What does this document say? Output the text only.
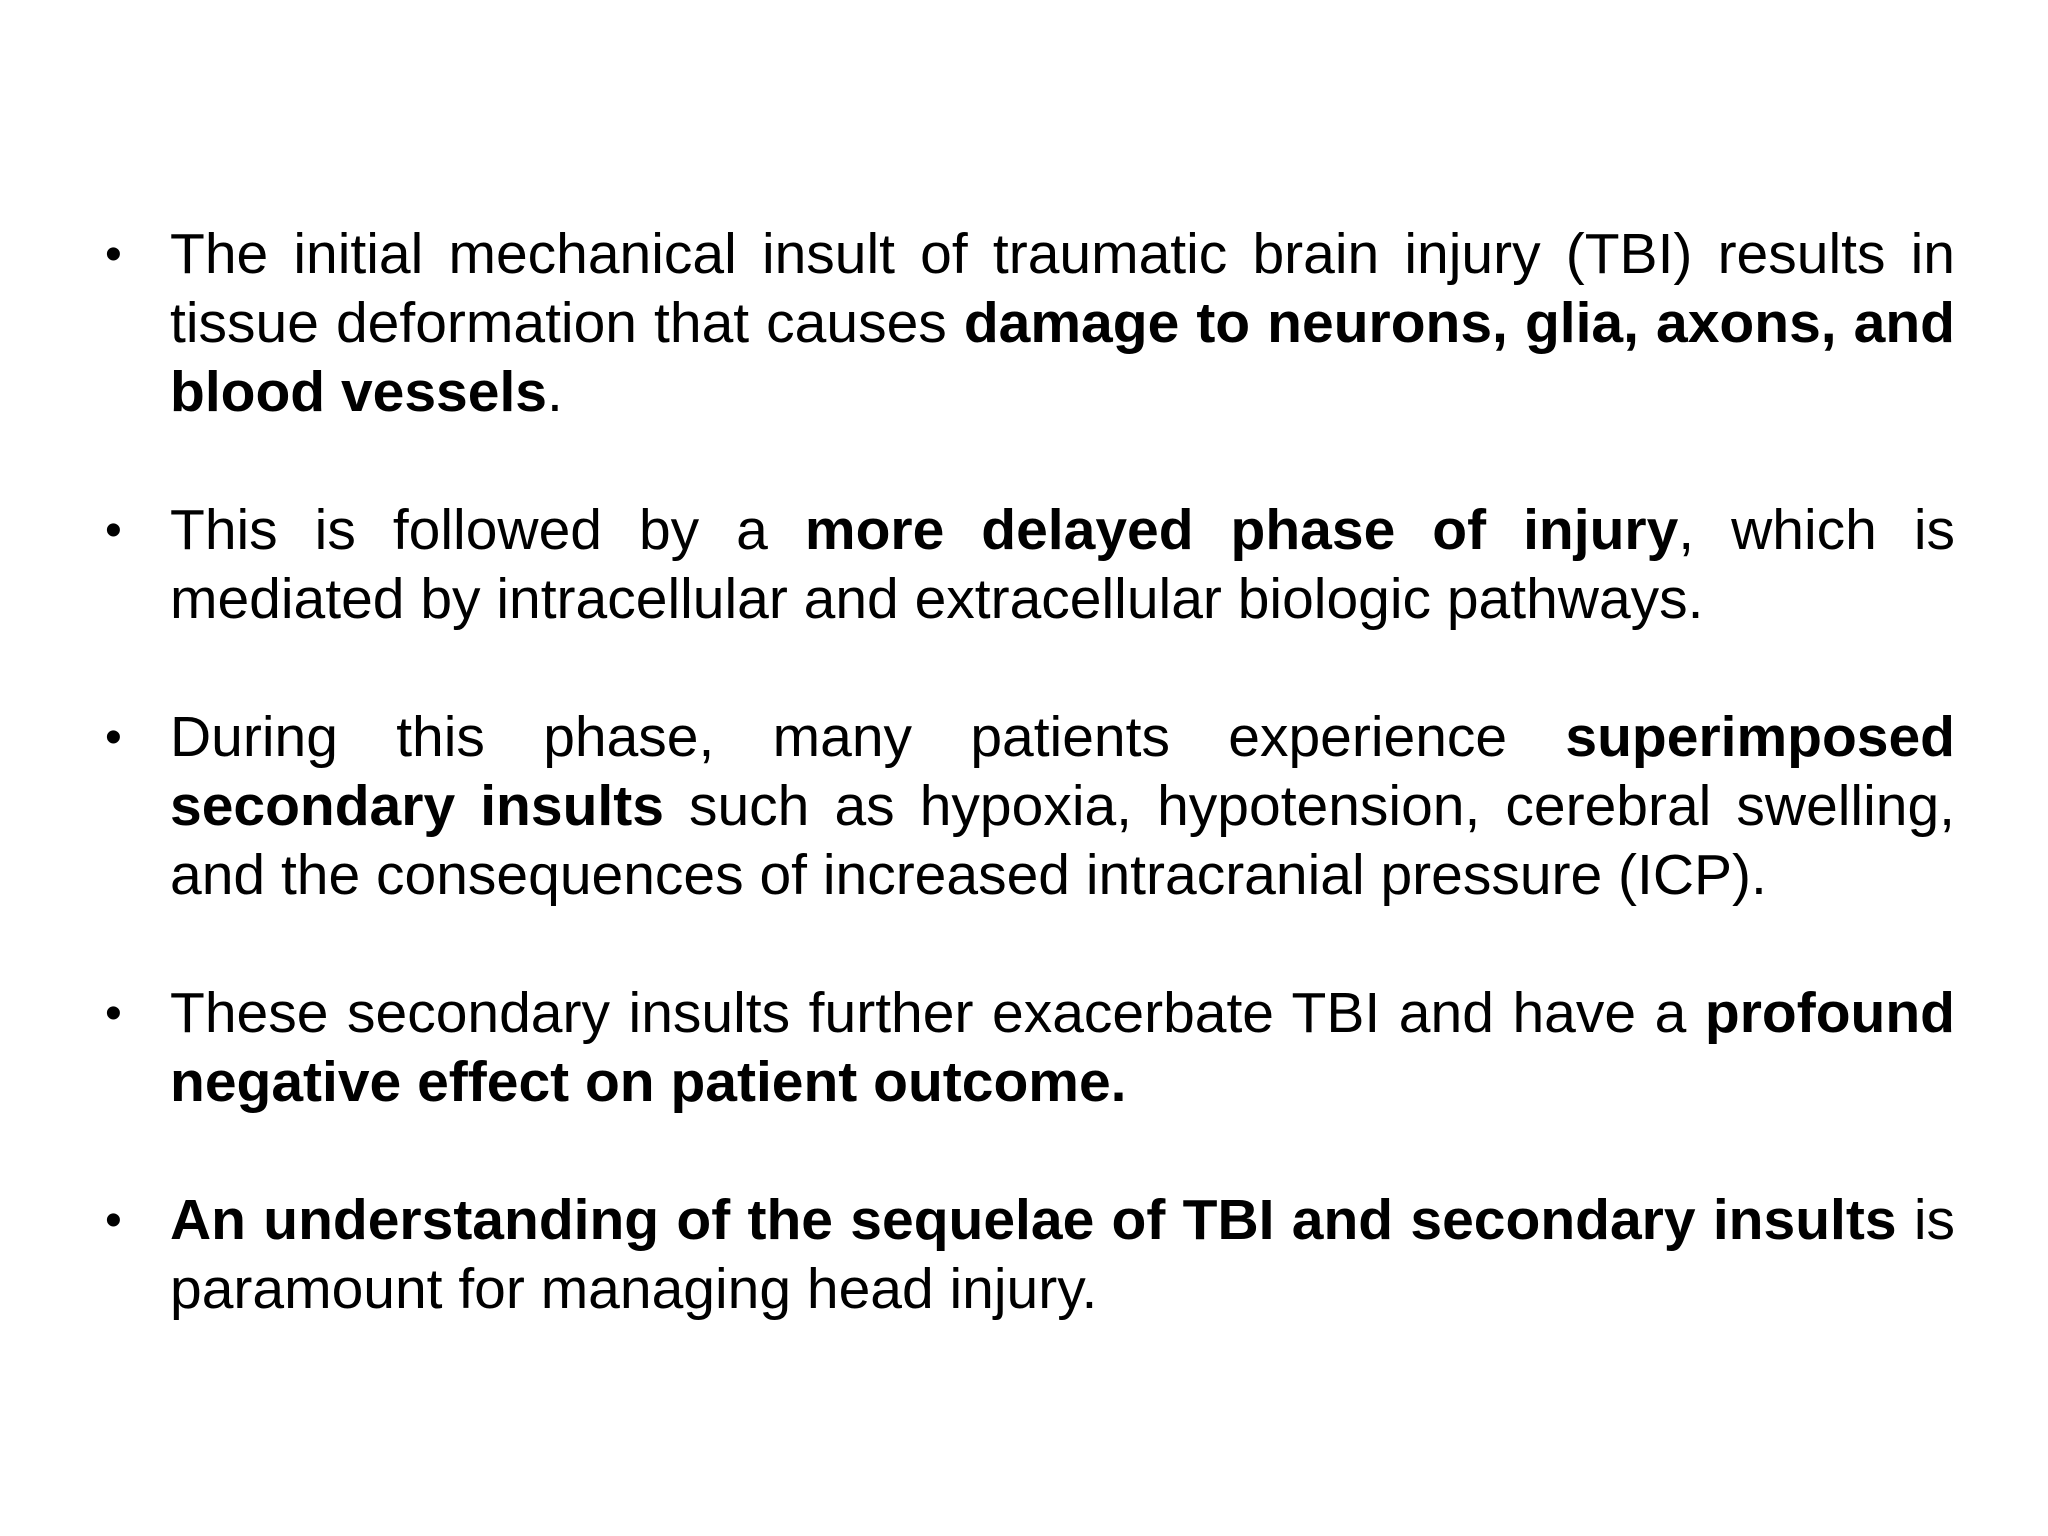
• The initial mechanical insult of traumatic brain injury (TBI) results in tissue deformation that causes damage to neurons, glia, axons, and blood vessels.
• This is followed by a more delayed phase of injury, which is mediated by intracellular and extracellular biologic pathways.
• During this phase, many patients experience superimposed secondary insults such as hypoxia, hypotension, cerebral swelling, and the consequences of increased intracranial pressure (ICP).
• These secondary insults further exacerbate TBI and have a profound negative effect on patient outcome.
• An understanding of the sequelae of TBI and secondary insults is paramount for managing head injury.
